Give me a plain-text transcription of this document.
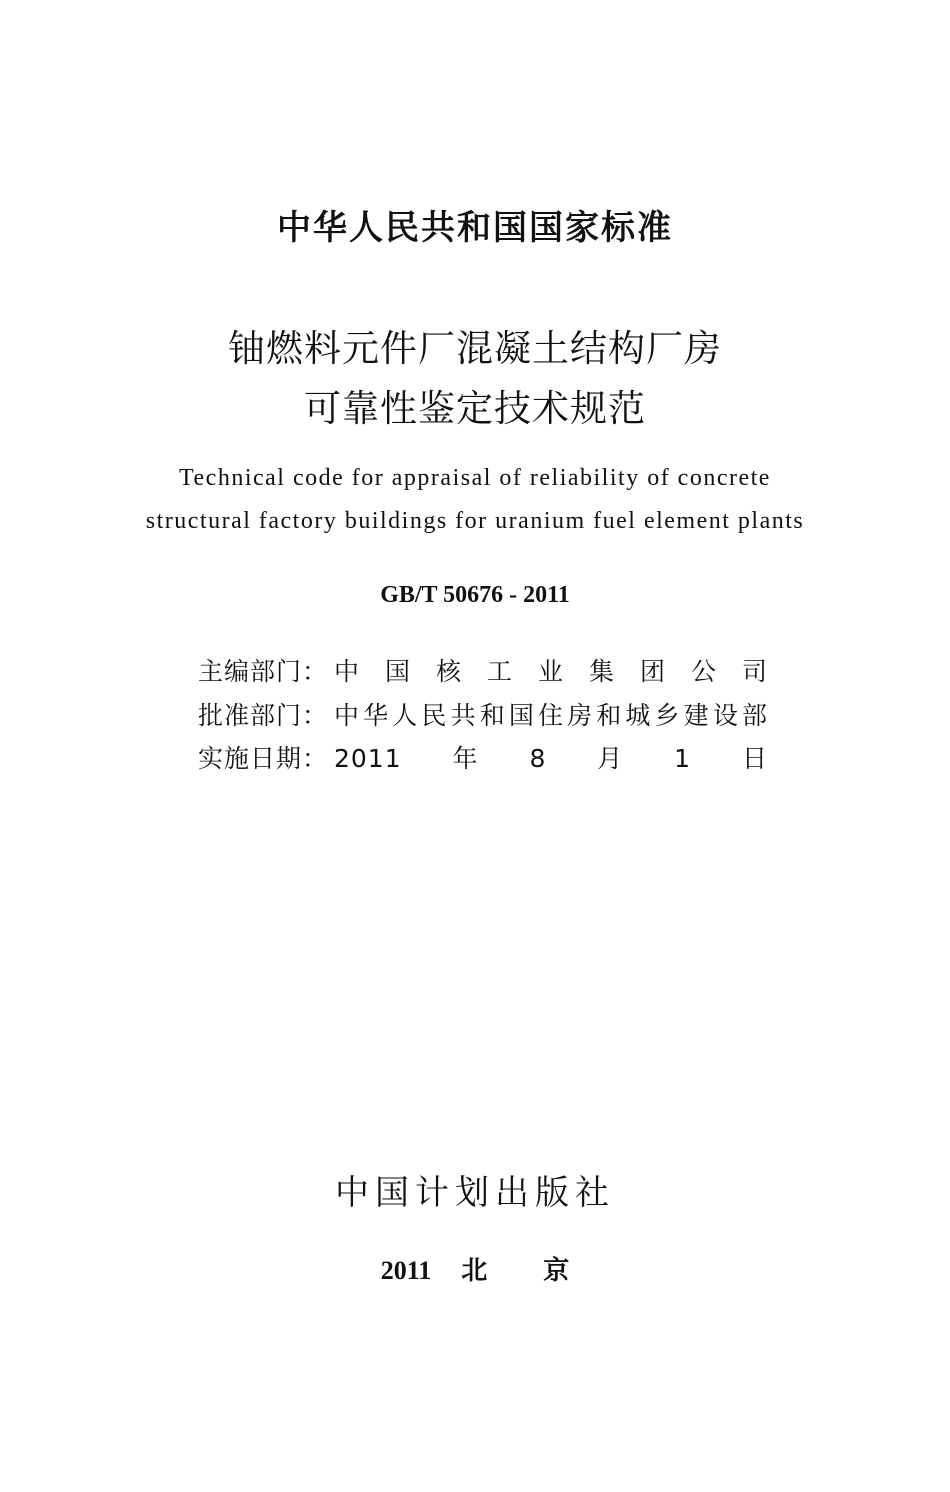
中华人民共和国国家标准
铀燃料元件厂混凝土结构厂房
可靠性鉴定技术规范
Technical code for appraisal of reliability of concrete
structural factory buildings for uranium fuel element plants
GB/T 50676 - 2011
主编部门： 中国核工业集团公司
批准部门： 中华人民共和国住房和城乡建设部
实施日期： 2011年8月1日
中国计划出版社
2011 北 京
